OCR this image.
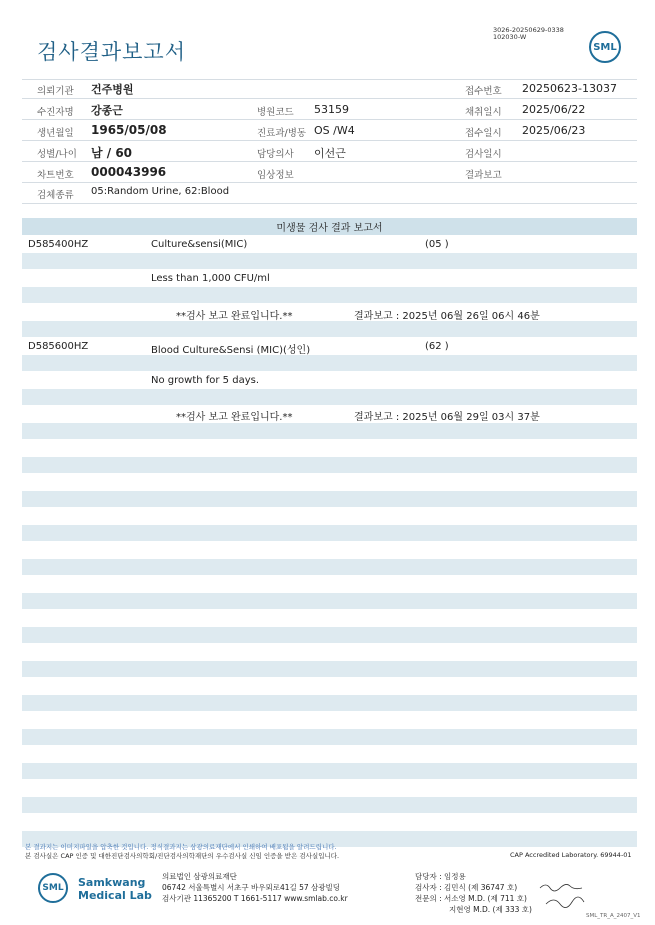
검사결과보고서
3026-20250629-0338
102030-W
SML
의뢰기관 건주병원	접수번호 20250623-13037
수진자명 강종근	병원코드 53159	채취일시 2025/06/22
생년월일 1965/05/08	진료과/병동 OS /W4	접수일시 2025/06/23
성별/나이 남 / 60	담당의사 이선근	검사일시
차트번호 000043996	임상정보	결과보고
검체종류 05:Random Urine, 62:Blood
미생물 검사 결과 보고서
D585400HZ	Culture&sensi(MIC)	(05 )
Less than 1,000 CFU/ml
**검사 보고 완료입니다.**	결과보고 : 2025년 06월 26일 06시 46분
D585600HZ	Blood Culture&Sensi (MIC)(성인)	(62 )
No growth for 5 days.
**검사 보고 완료입니다.**	결과보고 : 2025년 06월 29일 03시 37분
본 결과지는 이미지파일을 압축한 것입니다. 정식결과지는 삼광의료재단에서 인쇄하여 배포됨을 알려드립니다.
본 검사실은 CAP 인증 및 대한진단검사의학회/진단검사의학재단의 우수검사실 신임 인증을 받은 검사실입니다.	CAP Accredited Laboratory. 69944-01
SML	Samkwang
Medical Lab
의료법인 삼광의료재단
06742 서울특별시 서초구 바우뫼로41길 57 삼광빌딩
검사기관 11365200 T 1661-5117 www.smlab.co.kr
담당자 : 임정용
검사자 : 김민식 (제 36747 호)
전문의 : 서소영 M.D. (제 711 호)
지현영 M.D. (제 333 호)
SML_TR_A_2407_V1
